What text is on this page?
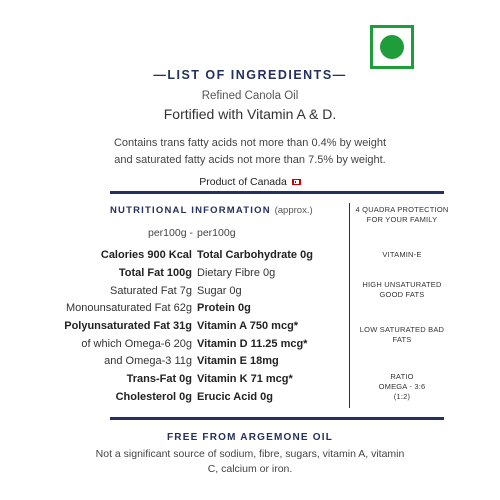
—LIST OF INGREDIENTS—
Refined Canola Oil
Fortified with Vitamin A & D.
Contains trans fatty acids not more than 0.4% by weight
and saturated fatty acids not more than 7.5% by weight.
Product of Canada
NUTRITIONAL INFORMATION (approx.)
per100g - per100g
Calories 900 Kcal Total Carbohydrate 0g
Total Fat 100g Dietary Fibre 0g
Saturated Fat 7g Sugar 0g
Monounsaturated Fat 62g Protein 0g
Polyunsaturated Fat 31g Vitamin A 750 mcg*
of which Omega-6 20g Vitamin D 11.25 mcg*
and Omega-3 11g Vitamin E 18mg
Trans-Fat 0g Vitamin K 71 mcg*
Cholesterol 0g Erucic Acid 0g
4 QUADRA PROTECTION FOR YOUR FAMILY
VITAMIN-E
HIGH UNSATURATED GOOD FATS
LOW SATURATED BAD FATS
RATIO
OMEGA - 3:6
(1:2)
FREE FROM ARGEMONE OIL
Not a significant source of sodium, fibre, sugars, vitamin A, vitamin C, calcium or iron.
